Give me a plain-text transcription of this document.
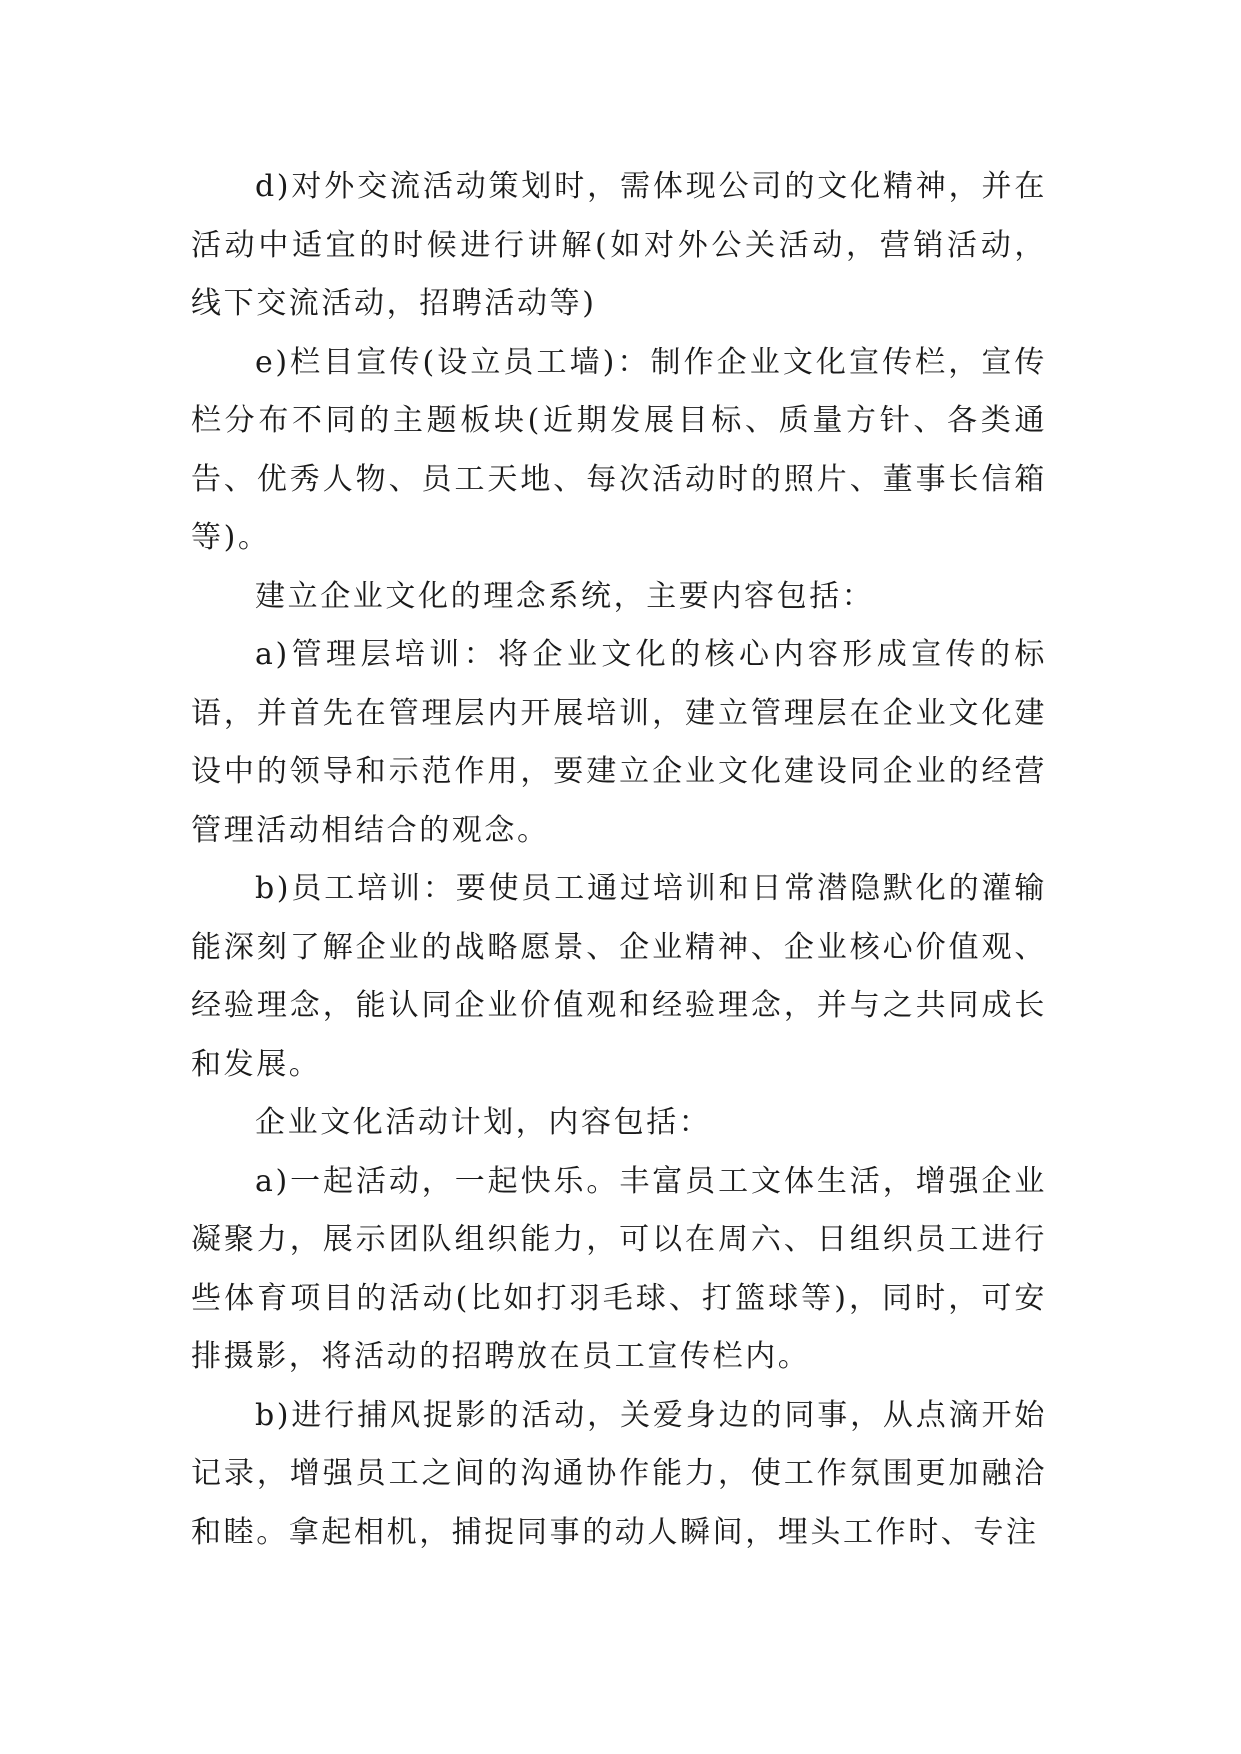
d)对外交流活动策划时，需体现公司的文化精神，并在活动中适宜的时候进行讲解(如对外公关活动，营销活动，线下交流活动，招聘活动等)

e)栏目宣传(设立员工墙)：制作企业文化宣传栏，宣传栏分布不同的主题板块(近期发展目标、质量方针、各类通告、优秀人物、员工天地、每次活动时的照片、董事长信箱等)。

建立企业文化的理念系统，主要内容包括：

a)管理层培训：将企业文化的核心内容形成宣传的标语，并首先在管理层内开展培训，建立管理层在企业文化建设中的领导和示范作用，要建立企业文化建设同企业的经营管理活动相结合的观念。

b)员工培训：要使员工通过培训和日常潜隐默化的灌输能深刻了解企业的战略愿景、企业精神、企业核心价值观、经验理念，能认同企业价值观和经验理念，并与之共同成长和发展。

企业文化活动计划，内容包括：

a)一起活动，一起快乐。丰富员工文体生活，增强企业凝聚力，展示团队组织能力，可以在周六、日组织员工进行些体育项目的活动(比如打羽毛球、打篮球等)，同时，可安排摄影，将活动的招聘放在员工宣传栏内。

b)进行捕风捉影的活动，关爱身边的同事，从点滴开始记录，增强员工之间的沟通协作能力，使工作氛围更加融洽和睦。拿起相机，捕捉同事的动人瞬间，埋头工作时、专注
